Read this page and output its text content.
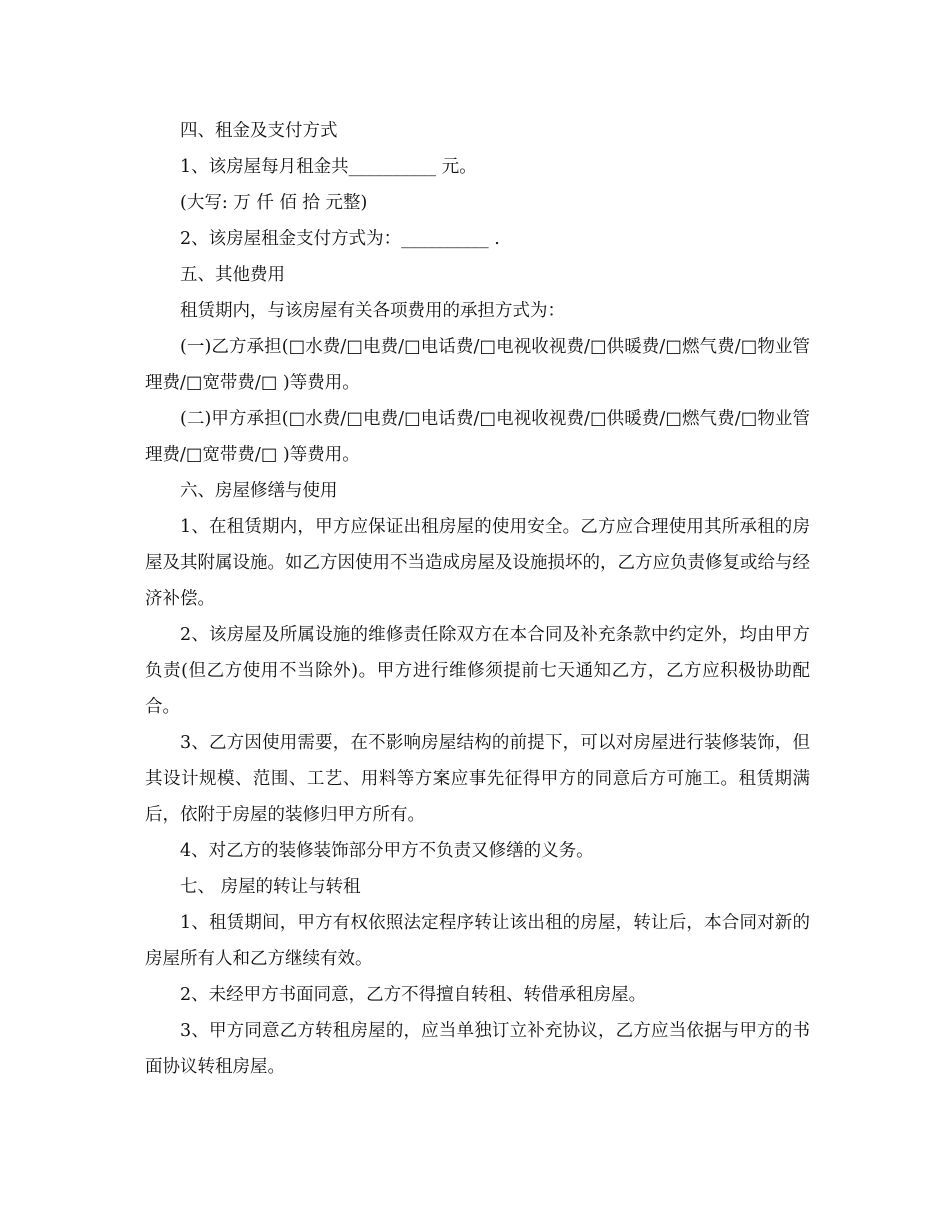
四、租金及支付方式

1、该房屋每月租金共__________ 元。

(大写: 万 仟 佰 拾 元整)

2、该房屋租金支付方式为：__________ .

五、其他费用

租赁期内，与该房屋有关各项费用的承担方式为：

(一)乙方承担(□水费/□电费/□电话费/□电视收视费/□供暖费/□燃气费/□物业管理费/□宽带费/□ )等费用。

(二)甲方承担(□水费/□电费/□电话费/□电视收视费/□供暖费/□燃气费/□物业管理费/□宽带费/□ )等费用。

六、房屋修缮与使用

1、在租赁期内，甲方应保证出租房屋的使用安全。乙方应合理使用其所承租的房屋及其附属设施。如乙方因使用不当造成房屋及设施损坏的，乙方应负责修复或给与经济补偿。

2、该房屋及所属设施的维修责任除双方在本合同及补充条款中约定外，均由甲方负责(但乙方使用不当除外)。甲方进行维修须提前七天通知乙方，乙方应积极协助配合。

3、乙方因使用需要，在不影响房屋结构的前提下，可以对房屋进行装修装饰，但其设计规模、范围、工艺、用料等方案应事先征得甲方的同意后方可施工。租赁期满后，依附于房屋的装修归甲方所有。

4、对乙方的装修装饰部分甲方不负责又修缮的义务。

七、 房屋的转让与转租

1、租赁期间，甲方有权依照法定程序转让该出租的房屋，转让后，本合同对新的房屋所有人和乙方继续有效。

2、未经甲方书面同意，乙方不得擅自转租、转借承租房屋。

3、甲方同意乙方转租房屋的，应当单独订立补充协议，乙方应当依据与甲方的书面协议转租房屋。
